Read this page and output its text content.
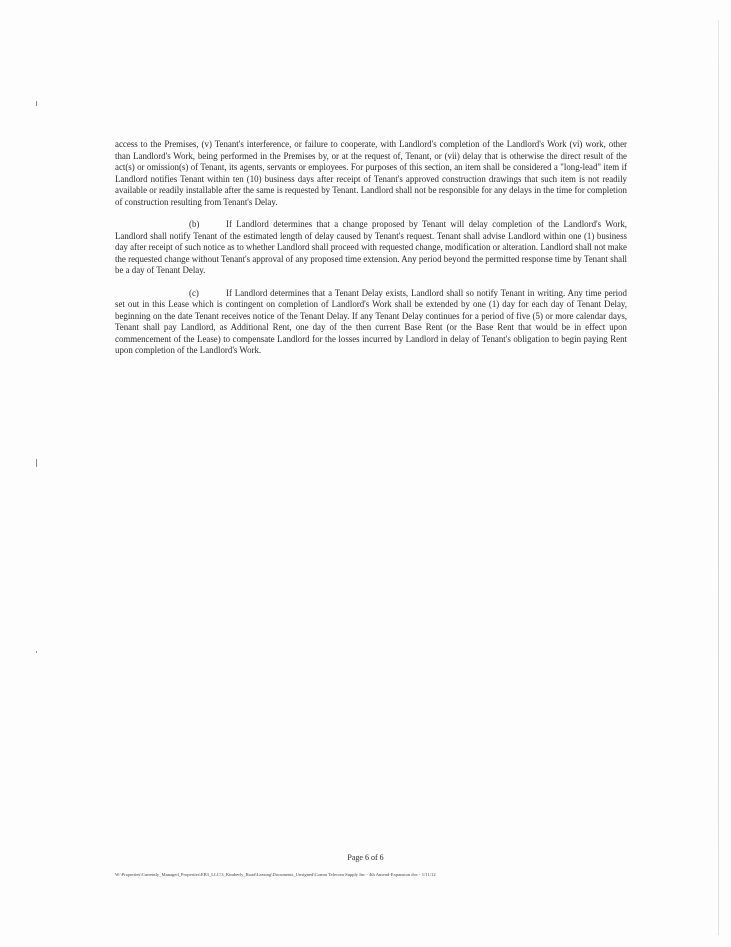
access to the Premises, (v) Tenant's interference, or failure to cooperate, with Landlord's completion of the Landlord's Work (vi) work, other than Landlord's Work, being performed in the Premises by, or at the request of, Tenant, or (vii) delay that is otherwise the direct result of the act(s) or omission(s) of Tenant, its agents, servants or employees. For purposes of this section, an item shall be considered a "long-lead" item if Landlord notifies Tenant within ten (10) business days after receipt of Tenant's approved construction drawings that such item is not readily available or readily installable after the same is requested by Tenant. Landlord shall not be responsible for any delays in the time for completion of construction resulting from Tenant's Delay.

(b)	If Landlord determines that a change proposed by Tenant will delay completion of the Landlord's Work, Landlord shall notify Tenant of the estimated length of delay caused by Tenant's request. Tenant shall advise Landlord within one (1) business day after receipt of such notice as to whether Landlord shall proceed with requested change, modification or alteration. Landlord shall not make the requested change without Tenant's approval of any proposed time extension. Any period beyond the permitted response time by Tenant shall be a day of Tenant Delay.

(c)	If Landlord determines that a Tenant Delay exists, Landlord shall so notify Tenant in writing. Any time period set out in this Lease which is contingent on completion of Landlord's Work shall be extended by one (1) day for each day of Tenant Delay, beginning on the date Tenant receives notice of the Tenant Delay. If any Tenant Delay continues for a period of five (5) or more calendar days, Tenant shall pay Landlord, as Additional Rent, one day of the then current Base Rent (or the Base Rent that would be in effect upon commencement of the Lease) to compensate Landlord for the losses incurred by Landlord in delay of Tenant's obligation to begin paying Rent upon completion of the Landlord's Work.

Page 6 of 6
W:\Properties\Currently_Managed_Properties\EB3_LLC\3_Kimberly_Road\Leasing\Documents_Unsigned\Comm Telecom Supply Inc - 4th Amend-Expansion doc - 1/11/12
